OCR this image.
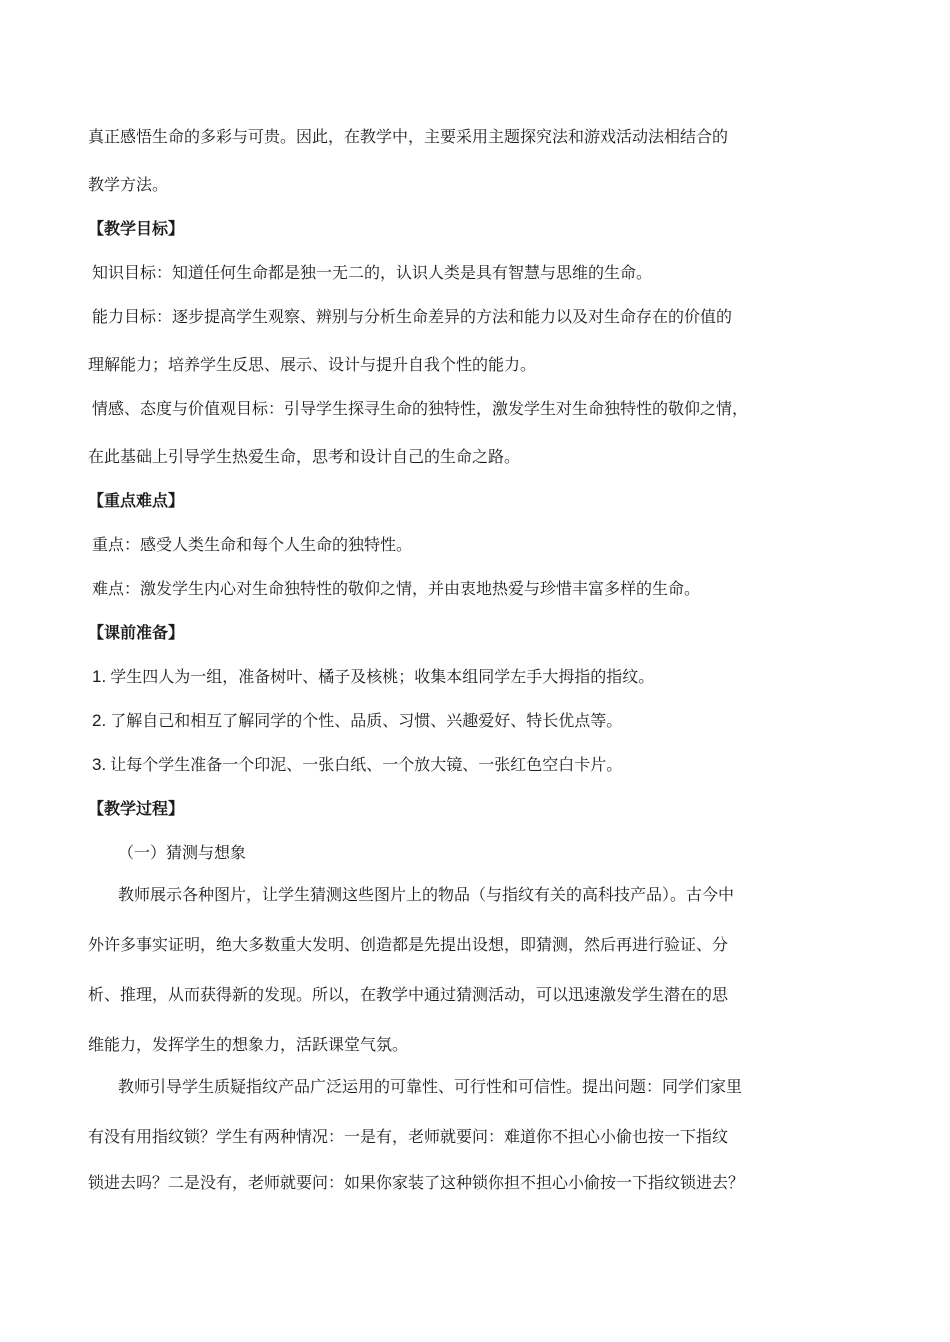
真正感悟生命的多彩与可贵。因此，在教学中，主要采用主题探究法和游戏活动法相结合的
教学方法。
【教学目标】
知识目标：知道任何生命都是独一无二的，认识人类是具有智慧与思维的生命。
能力目标：逐步提高学生观察、辨别与分析生命差异的方法和能力以及对生命存在的价值的
理解能力；培养学生反思、展示、设计与提升自我个性的能力。
情感、态度与价值观目标：引导学生探寻生命的独特性，激发学生对生命独特性的敬仰之情，
在此基础上引导学生热爱生命，思考和设计自己的生命之路。
【重点难点】
重点：感受人类生命和每个人生命的独特性。
难点：激发学生内心对生命独特性的敬仰之情，并由衷地热爱与珍惜丰富多样的生命。
【课前准备】
1. 学生四人为一组，准备树叶、橘子及核桃；收集本组同学左手大拇指的指纹。
2. 了解自己和相互了解同学的个性、品质、习惯、兴趣爱好、特长优点等。
3. 让每个学生准备一个印泥、一张白纸、一个放大镜、一张红色空白卡片。
【教学过程】
（一）猜测与想象
教师展示各种图片，让学生猜测这些图片上的物品（与指纹有关的高科技产品）。古今中
外许多事实证明，绝大多数重大发明、创造都是先提出设想，即猜测，然后再进行验证、分
析、推理，从而获得新的发现。所以，在教学中通过猜测活动，可以迅速激发学生潜在的思
维能力，发挥学生的想象力，活跃课堂气氛。
教师引导学生质疑指纹产品广泛运用的可靠性、可行性和可信性。提出问题：同学们家里
有没有用指纹锁？学生有两种情况：一是有，老师就要问：难道你不担心小偷也按一下指纹
锁进去吗？二是没有，老师就要问：如果你家装了这种锁你担不担心小偷按一下指纹锁进去？
